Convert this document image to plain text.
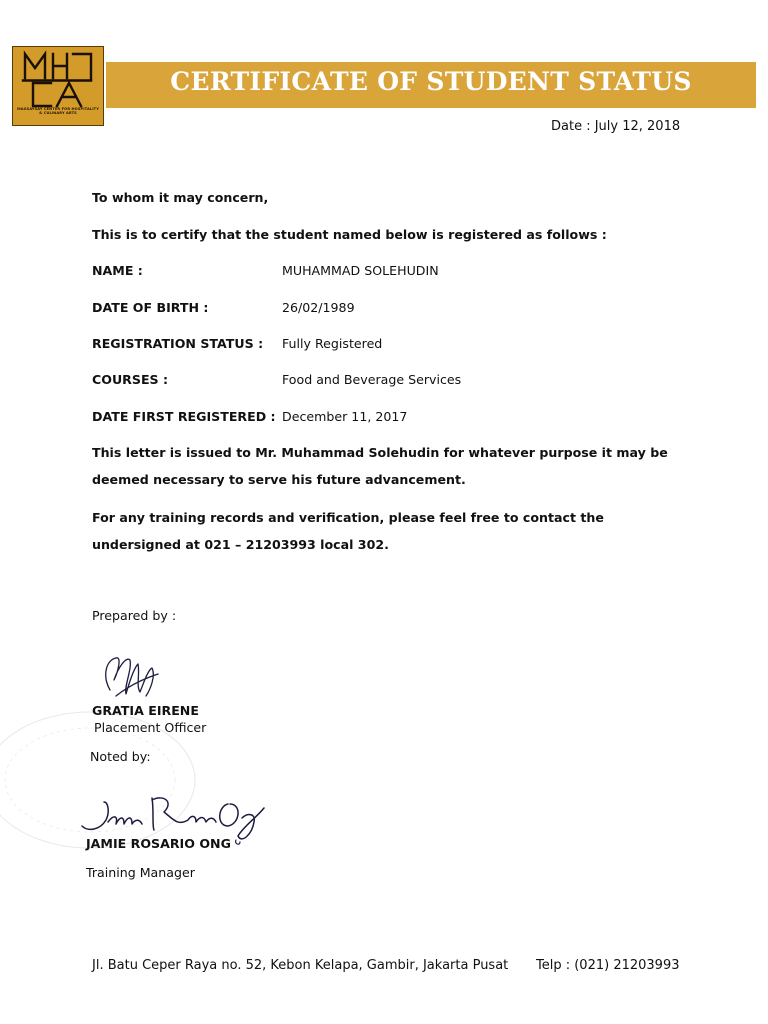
MAGSAYSAY CENTER FOR HOSPITALITY & CULINARY ARTS
CERTIFICATE OF STUDENT STATUS
Date : July 12, 2018
To whom it may concern,
This is to certify that the student named below is registered as follows :
NAME :	MUHAMMAD SOLEHUDIN
DATE OF BIRTH :	26/02/1989
REGISTRATION STATUS : Fully Registered
COURSES :	Food and Beverage Services
DATE FIRST REGISTERED : December 11, 2017
This letter is issued to Mr. Muhammad Solehudin for whatever purpose it may be deemed necessary to serve his future advancement.
For any training records and verification, please feel free to contact the undersigned at 021 – 21203993 local 302.
Prepared by :
GRATIA EIRENE
Placement Officer
Noted by:
JAMIE ROSARIO ONG
Training Manager
Jl. Batu Ceper Raya no. 52, Kebon Kelapa, Gambir, Jakarta Pusat Telp : (021) 21203993
